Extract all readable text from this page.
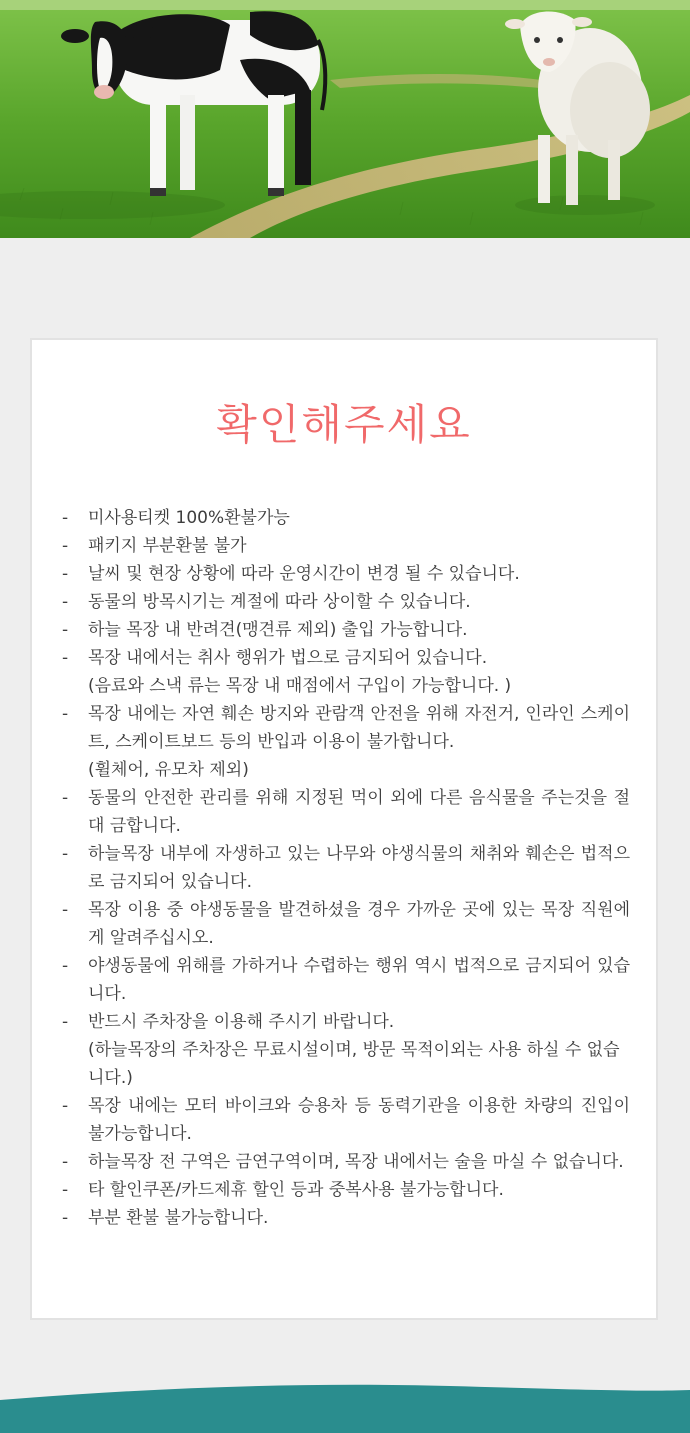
확인해주세요
-	미사용티켓 100%환불가능
-	패키지 부분환불 불가
-	날씨 및 현장 상황에 따라 운영시간이 변경 될 수 있습니다.
-	동물의 방목시기는 계절에 따라 상이할 수 있습니다.
-	하늘 목장 내 반려견(맹견류 제외) 출입 가능합니다.
-	목장 내에서는 취사 행위가 법으로 금지되어 있습니다.
(음료와 스낵 류는 목장 내 매점에서 구입이 가능합니다. )
-	목장 내에는 자연 훼손 방지와 관람객 안전을 위해 자전거, 인라인 스케이트, 스케이트보드 등의 반입과 이용이 불가합니다.
(휠체어, 유모차 제외)
-	동물의 안전한 관리를 위해 지정된 먹이 외에 다른 음식물을 주는것을 절대 금합니다.
-	하늘목장 내부에 자생하고 있는 나무와 야생식물의 채취와 훼손은 법적으로 금지되어 있습니다.
-	목장 이용 중 야생동물을 발견하셨을 경우 가까운 곳에 있는 목장 직원에게 알려주십시오.
-	야생동물에 위해를 가하거나 수렵하는 행위 역시 법적으로 금지되어 있습니다.
-	반드시 주차장을 이용해 주시기 바랍니다.
(하늘목장의 주차장은 무료시설이며, 방문 목적이외는 사용 하실 수 없습니다.)
-	목장 내에는 모터 바이크와 승용차 등 동력기관을 이용한 차량의 진입이 불가능합니다.
-	하늘목장 전 구역은 금연구역이며, 목장 내에서는 술을 마실 수 없습니다.
-	타 할인쿠폰/카드제휴 할인 등과 중복사용 불가능합니다.
-	부분 환불 불가능합니다.
